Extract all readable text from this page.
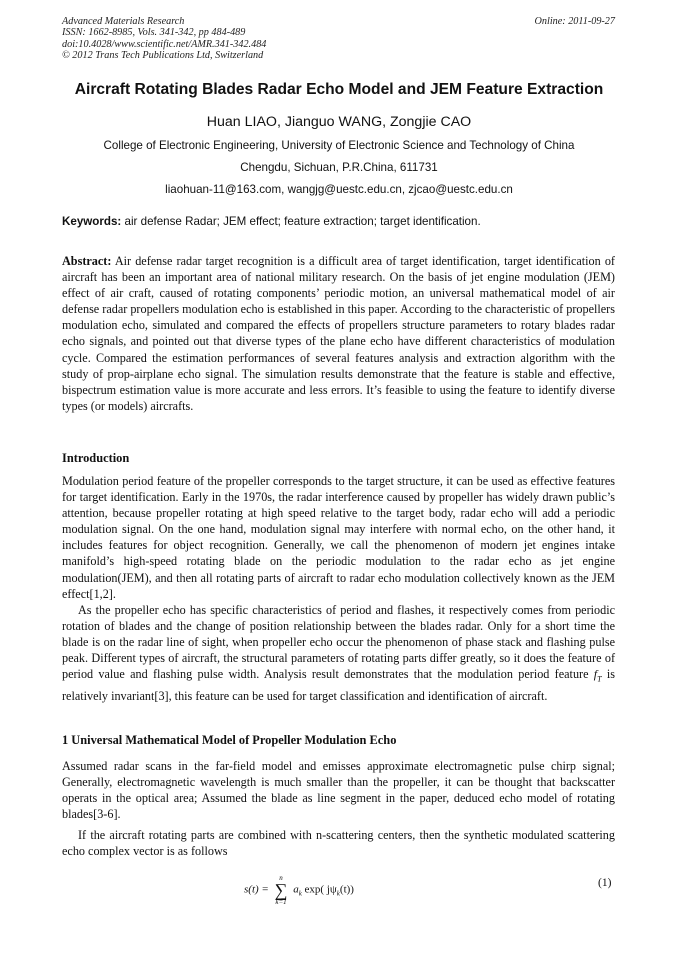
Advanced Materials Research
ISSN: 1662-8985, Vols. 341-342, pp 484-489
doi:10.4028/www.scientific.net/AMR.341-342.484
© 2012 Trans Tech Publications Ltd, Switzerland
Online: 2011-09-27
Aircraft Rotating Blades Radar Echo Model and JEM Feature Extraction
Huan LIAO, Jianguo WANG, Zongjie CAO
College of Electronic Engineering, University of Electronic Science and Technology of China
Chengdu, Sichuan, P.R.China, 611731
liaohuan-11@163.com, wangjg@uestc.edu.cn, zjcao@uestc.edu.cn
Keywords: air defense Radar; JEM effect; feature extraction; target identification.

Abstract: Air defense radar target recognition is a difficult area of target identification, target identification of aircraft has been an important area of national military research. On the basis of jet engine modulation (JEM) effect of air craft, caused of rotating components’ periodic motion, an universal mathematical model of air defense radar propellers modulation echo is established in this paper. According to the characteristic of propellers modulation echo, simulated and compared the effects of propellers structure parameters to rotary blades radar echo signals, and pointed out that diverse types of the plane echo have different characteristics of modulation cycle. Compared the estimation performances of several features analysis and extraction algorithm with the study of prop-airplane echo signal. The simulation results demonstrate that the feature is stable and effective, bispectrum estimation value is more accurate and less errors. It’s feasible to using the feature to identify diverse types (or models) aircrafts.

Introduction

Modulation period feature of the propeller corresponds to the target structure, it can be used as effective features for target identification. Early in the 1970s, the radar interference caused by propeller has widely drawn public’s attention, because propeller rotating at high speed relative to the target body, radar echo will add a periodic modulation signal. On the one hand, modulation signal may interfere with normal echo, on the other hand, it includes features for object recognition. Generally, we call the phenomenon of modern jet engines intake manifold’s high-speed rotating blade on the periodic modulation to the radar echo as jet engine modulation(JEM), and then all rotating parts of aircraft to radar echo modulation collectively known as the JEM effect[1,2].

As the propeller echo has specific characteristics of period and flashes, it respectively comes from periodic rotation of blades and the change of position relationship between the blades radar. Only for a short time the blade is on the radar line of sight, when propeller echo occur the phenomenon of phase stack and flashing pulse peak. Different types of aircraft, the structural parameters of rotating parts differ greatly, so it does the feature of period value and flashing pulse width. Analysis result demonstrates that the modulation period feature $f_T$ is relatively invariant[3], this feature can be used for target classification and identification of aircraft.

1 Universal Mathematical Model of Propeller Modulation Echo

Assumed radar scans in the far-field model and emisses approximate electromagnetic pulse chirp signal; Generally, electromagnetic wavelength is much smaller than the propeller, it can be thought that backscatter operats in the optical area; Assumed the blade as line segment in the paper, deduced echo model of rotating blades[3-6].

If the aircraft rotating parts are combined with n-scattering centers, then the synthetic modulated scattering echo complex vector is as follows

s(t) =
n
∑
k=1
$a_k$ exp( $j\psi_k(t)$)
(1)
